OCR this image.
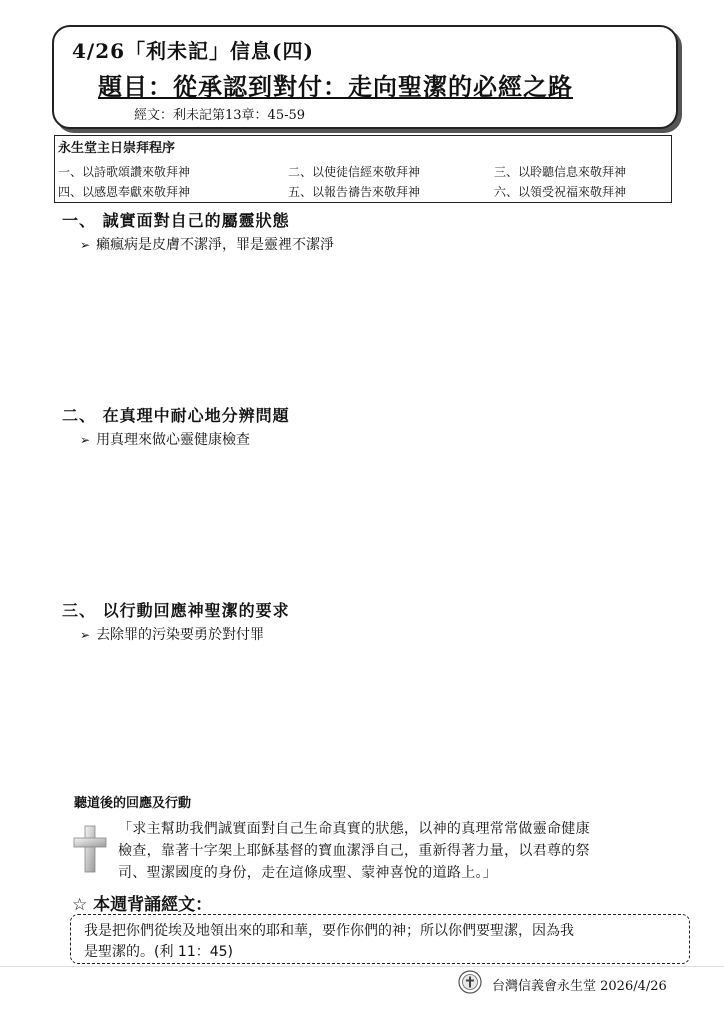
4/26「利未記」信息(四)
題目：從承認到對付：走向聖潔的必經之路
經文：利未記第13章：45-59
永生堂主日崇拜程序
一、以詩歌頌讚來敬拜神	二、以使徒信經來敬拜神	三、以聆聽信息來敬拜神
四、以感恩奉獻來敬拜神	五、以報告禱告來敬拜神	六、以領受祝福來敬拜神
一、 誠實面對自己的屬靈狀態
➢ 癩瘋病是皮膚不潔淨，罪是靈裡不潔淨
二、 在真理中耐心地分辨問題
➢ 用真理來做心靈健康檢查
三、 以行動回應神聖潔的要求
➢ 去除罪的污染要勇於對付罪
聽道後的回應及行動
「求主幫助我們誠實面對自己生命真實的狀態，以神的真理常常做靈命健康
檢查，靠著十字架上耶穌基督的寶血潔淨自己，重新得著力量，以君尊的祭
司、聖潔國度的身份，走在這條成聖、蒙神喜悅的道路上。」
☆ 本週背誦經文：
我是把你們從埃及地領出來的耶和華，要作你們的神；所以你們要聖潔，因為我
是聖潔的。(利 11：45)
台灣信義會永生堂 2026/4/26
